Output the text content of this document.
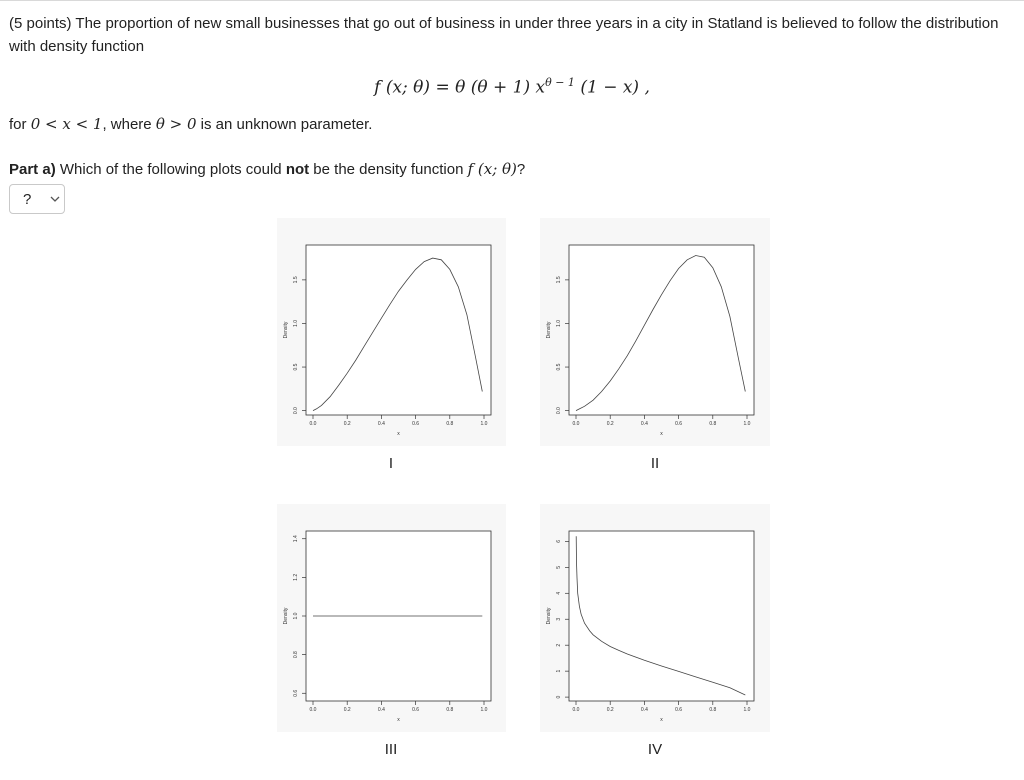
(5 points) The proportion of new small businesses that go out of business in under three years in a city in Statland is believed to follow the distribution with density function
f (x; θ) = θ (θ + 1) $x^{\theta - 1}$ (1 − x) ,
for 0 < x < 1, where θ > 0 is an unknown parameter.
Part a) Which of the following plots could not be the density function f (x; θ)?
?
0.0	0.2	0.4	0.6	0.8	1.0
0.0
0.5
1.0
1.5
x
Density
I
0.0	0.2	0.4	0.6	0.8	1.0
0.0
0.5
1.0
1.5
x
Density
II
0.0	0.2	0.4	0.6	0.8	1.0
0.6
0.8
1.0
1.2
1.4
x
Density
III
0.0	0.2	0.4	0.6	0.8	1.0
0
1
2
3
4
5
6
x
Density
IV
